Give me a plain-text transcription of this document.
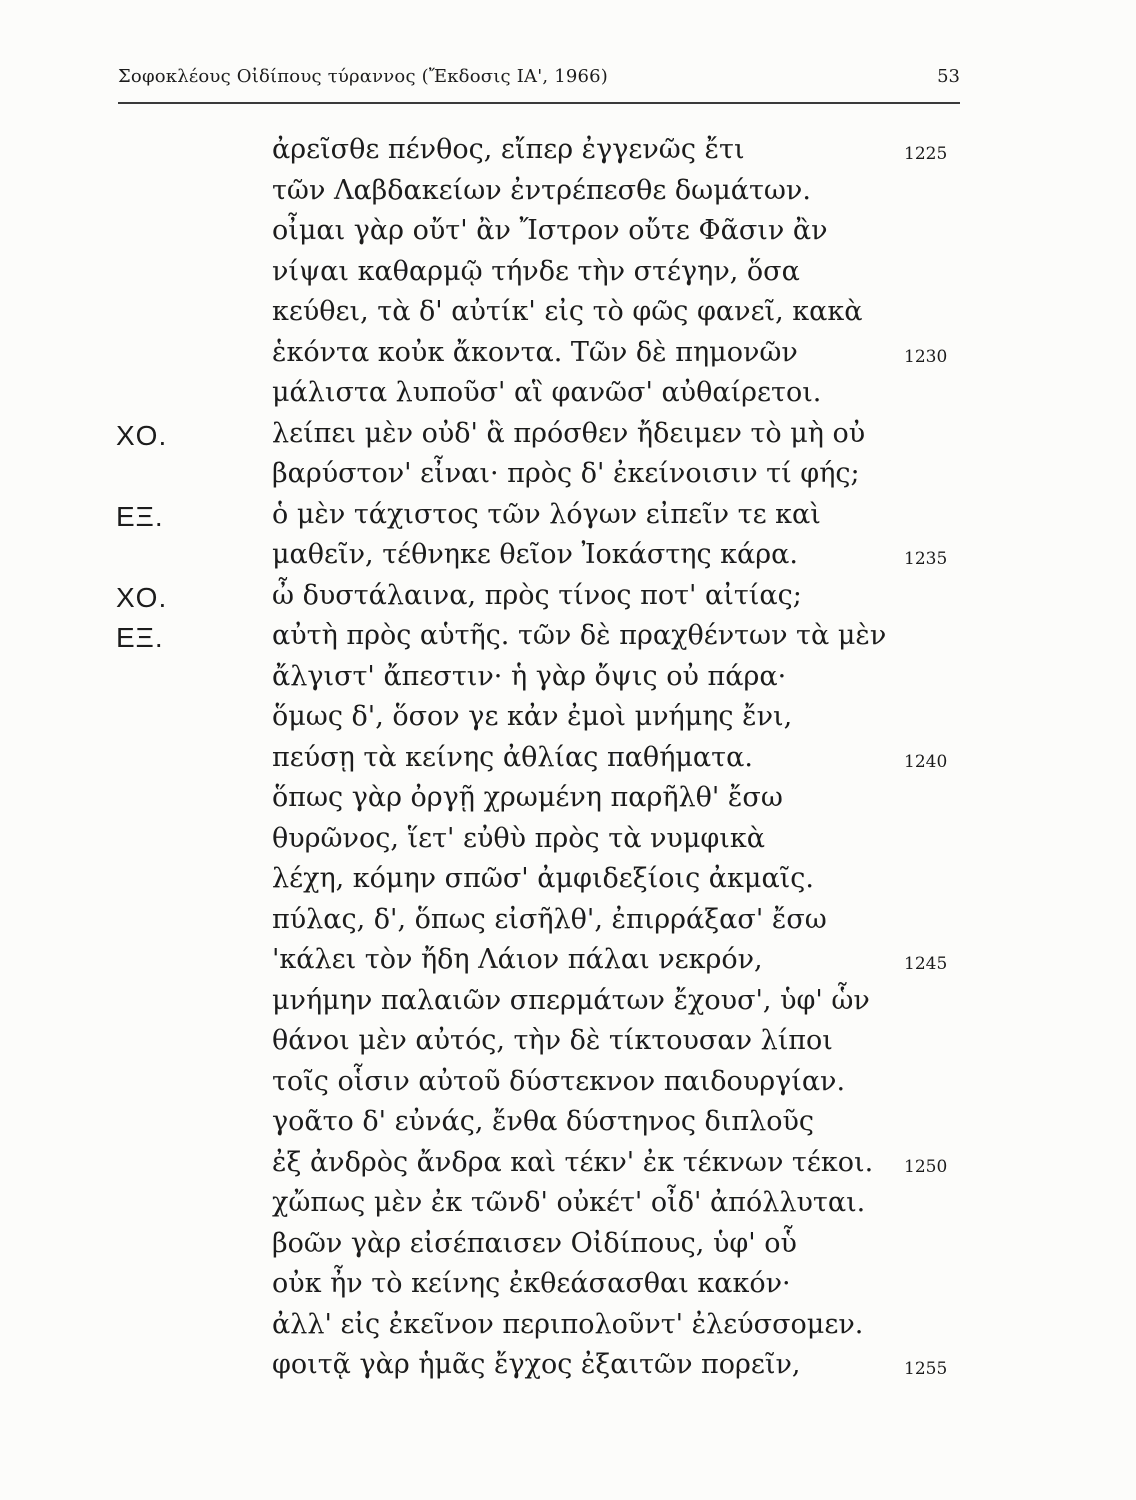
Σοφοκλέους Οἰδίπους τύραννος (Ἔκδοσις ΙΑ', 1966)	53
ἀρεῖσθε πένθος, εἴπερ ἐγγενῶς ἔτι	1225
τῶν Λαβδακείων ἐντρέπεσθε δωμάτων.
οἶμαι γὰρ οὔτ' ἂν Ἴστρον οὔτε Φᾶσιν ἂν
νίψαι καθαρμῷ τήνδε τὴν στέγην, ὅσα
κεύθει, τὰ δ' αὐτίκ' εἰς τὸ φῶς φανεῖ, κακὰ
ἑκόντα κοὐκ ἄκοντα. Τῶν δὲ πημονῶν	1230
μάλιστα λυποῦσ' αἳ φανῶσ' αὐθαίρετοι.
ΧΟ.	λείπει μὲν οὐδ' ἃ πρόσθεν ἤδειμεν τὸ μὴ οὐ
βαρύστον' εἶναι· πρὸς δ' ἐκείνοισιν τί φής;
ΕΞ.	ὁ μὲν τάχιστος τῶν λόγων εἰπεῖν τε καὶ
μαθεῖν, τέθνηκε θεῖον Ἰοκάστης κάρα.	1235
ΧΟ.	ὦ δυστάλαινα, πρὸς τίνος ποτ' αἰτίας;
ΕΞ.	αὐτὴ πρὸς αὑτῆς. τῶν δὲ πραχθέντων τὰ μὲν
ἄλγιστ' ἄπεστιν· ἡ γὰρ ὄψις οὐ πάρα·
ὅμως δ', ὅσον γε κἀν ἐμοὶ μνήμης ἔνι,
πεύσῃ τὰ κείνης ἀθλίας παθήματα.	1240
ὅπως γὰρ ὀργῇ χρωμένη παρῆλθ' ἔσω
θυρῶνος, ἵετ' εὐθὺ πρὸς τὰ νυμφικὰ
λέχη, κόμην σπῶσ' ἀμφιδεξίοις ἀκμαῖς.
πύλας, δ', ὅπως εἰσῆλθ', ἐπιρράξασ' ἔσω
'κάλει τὸν ἤδη Λάιον πάλαι νεκρόν,	1245
μνήμην παλαιῶν σπερμάτων ἔχουσ', ὑφ' ὧν
θάνοι μὲν αὐτός, τὴν δὲ τίκτουσαν λίποι
τοῖς οἷσιν αὐτοῦ δύστεκνον παιδουργίαν.
γοᾶτο δ' εὐνάς, ἔνθα δύστηνος διπλοῦς
ἐξ ἀνδρὸς ἄνδρα καὶ τέκν' ἐκ τέκνων τέκοι. 1250
χὤπως μὲν ἐκ τῶνδ' οὐκέτ' οἶδ' ἀπόλλυται.
βοῶν γὰρ εἰσέπαισεν Οἰδίπους, ὑφ' οὗ
οὐκ ἦν τὸ κείνης ἐκθεάσασθαι κακόν·
ἀλλ' εἰς ἐκεῖνον περιπολοῦντ' ἐλεύσσομεν.
φοιτᾷ γὰρ ἡμᾶς ἔγχος ἐξαιτῶν πορεῖν,	1255
